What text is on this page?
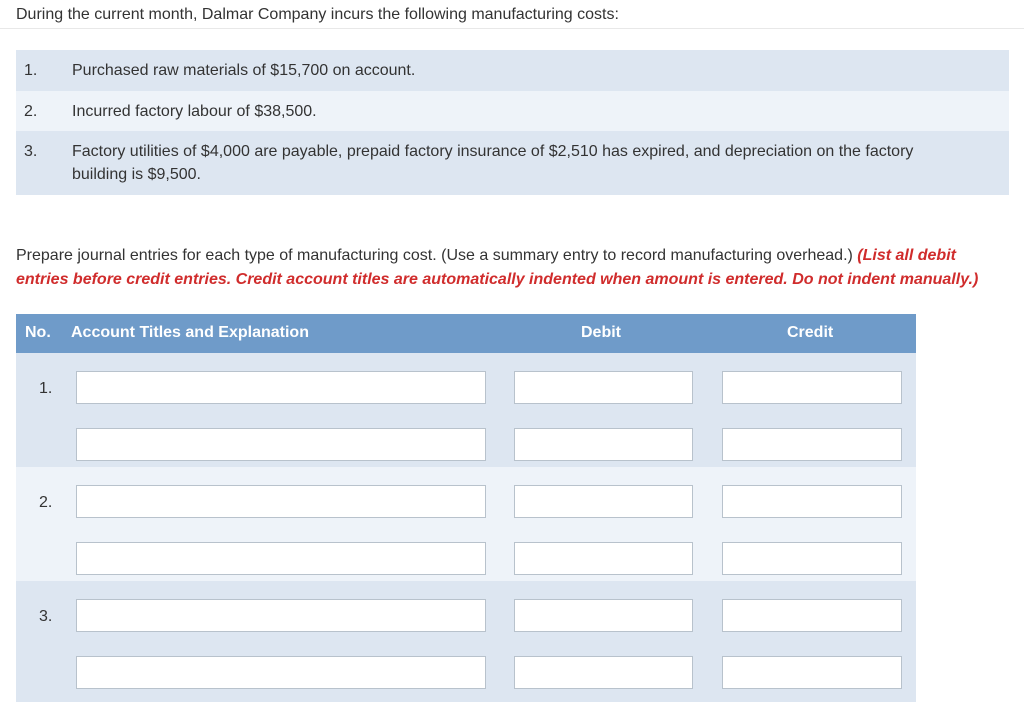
During the current month, Dalmar Company incurs the following manufacturing costs:
1.	Purchased raw materials of $15,700 on account.
2.	Incurred factory labour of $38,500.
3.	Factory utilities of $4,000 are payable, prepaid factory insurance of $2,510 has expired, and depreciation on the factory building is $9,500.
Prepare journal entries for each type of manufacturing cost. (Use a summary entry to record manufacturing overhead.) (List all debit entries before credit entries. Credit account titles are automatically indented when amount is entered. Do not indent manually.)
No. Account Titles and Explanation	Debit	Credit
1.
2.
3.
